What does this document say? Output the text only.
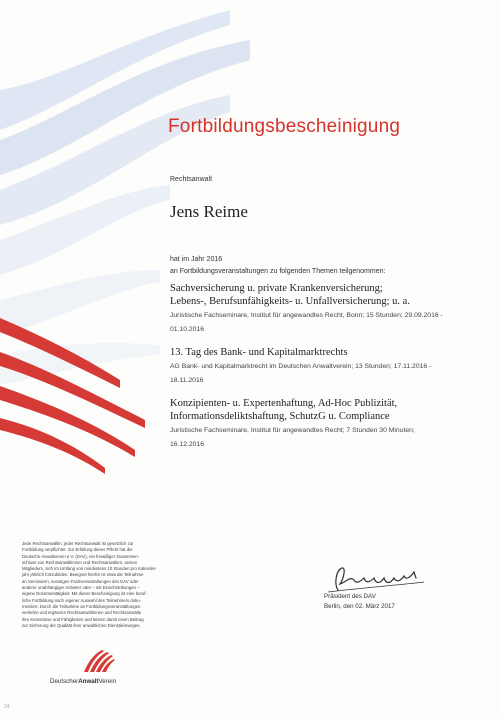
Fortbildungsbescheinigung
Rechtsanwalt
Jens Reime
hat im Jahr 2016
an Fortbildungsveranstaltungen zu folgenden Themen teilgenommen:
Sachversicherung u. private Krankenversicherung;
Lebens-, Berufsunfähigkeits- u. Unfallversicherung; u. a.
Juristische Fachseminare, Institut für angewandtes Recht, Bonn; 15 Stunden; 29.09.2016 -
01.10.2016
13. Tag des Bank- und Kapitalmarktrechts
AG Bank- und Kapitalmarktrecht im Deutschen Anwaltverein; 13 Stunden; 17.11.2016 -
18.11.2016
Konzipienten- u. Expertenhaftung, Ad-Hoc Publizität,
Informationsdeliktshaftung, SchutzG u. Compliance
Juristische Fachseminare, Institut für angewandtes Recht; 7 Stunden 30 Minuten;
16.12.2016
Jede Rechtsanwältin, jeder Rechtsanwalt ist gesetzlich zur
Fortbildung verpflichtet. Zur Erfüllung dieser Pflicht hat der
Deutsche Anwaltverein e.V. (DAV), ein freiwilliger Zusammen-
schluss von Rechtsanwältinnen und Rechtsanwälten, seinen
Mitgliedern, sich im Umfang von mindestens 10 Stunden pro Kalender-
jahr jährlich fortzubilden. Beeignet hierfür ist etwa die Teilnahme
an Seminaren, sonstigen Fachveranstaltungen des DAV oder
anderer unabhängiger Anbieter oder – mit Einschränkungen –
eigene Dozententätigkeit. Mit dieser Bescheinigung ist eine beruf-
liche Fortbildung nach eigener Auswahl des Teilnehmers doku-
mentiert. Durch die Teilnahme an Fortbildungsveranstaltungen
vertiefen und ergänzen Rechtsanwältinnen und Rechtsanwälte
ihre Kenntnisse und Fähigkeiten und leisten damit einen Beitrag
zur Sicherung der Qualität ihrer anwaltlichen Dienstleistungen.
DeutscherAnwaltVerein
Präsident des DAV
Berlin, den 02. März 2017
24
